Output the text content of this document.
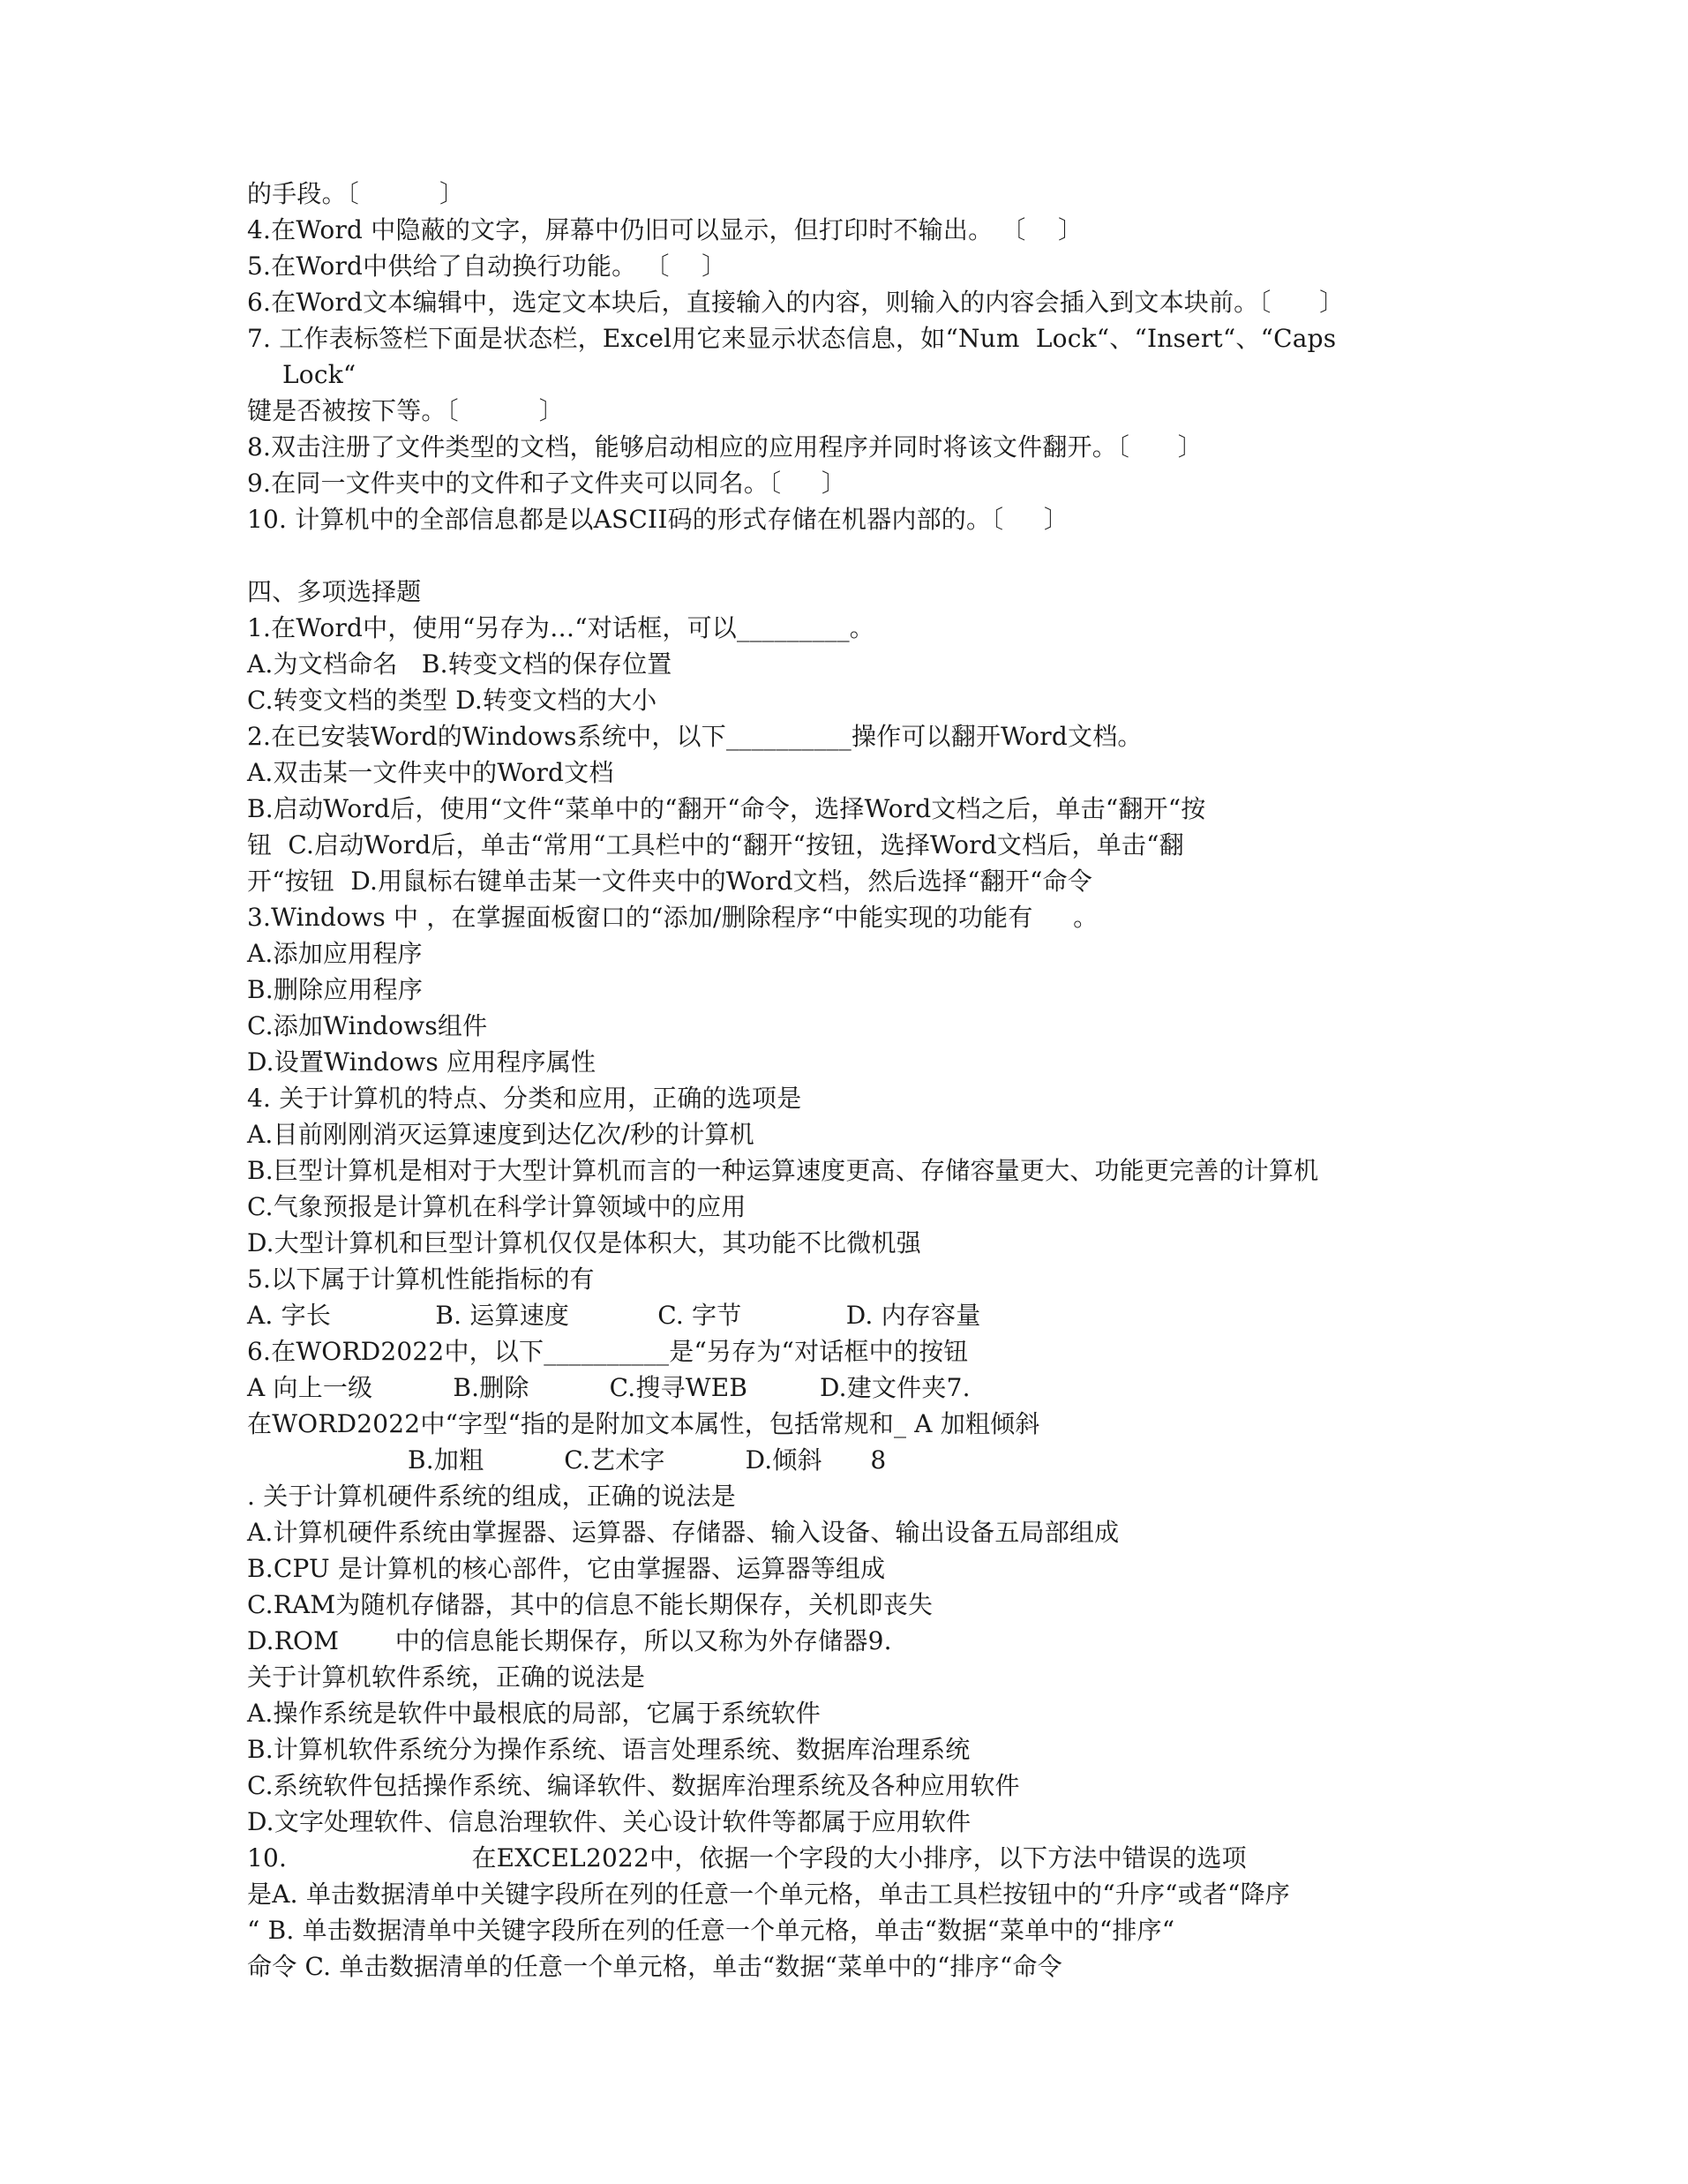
的手段。〔          〕
4.在Word 中隐蔽的文字，屏幕中仍旧可以显示，但打印时不输出。 〔    〕
5.在Word中供给了自动换行功能。 〔    〕
6.在Word文本编辑中，选定文本块后，直接输入的内容，则输入的内容会插入到文本块前。〔      〕
7. 工作表标签栏下面是状态栏，Excel用它来显示状态信息，如“Num  Lock“、“Insert“、“Caps
Lock“
键是否被按下等。〔          〕
8.双击注册了文件类型的文档，能够启动相应的应用程序并同时将该文件翻开。〔      〕
9.在同一文件夹中的文件和子文件夹可以同名。〔     〕
10. 计算机中的全部信息都是以ASCII码的形式存储在机器内部的。〔     〕
四、多项选择题
1.在Word中，使用“另存为…“对话框，可以_________。
A.为文档命名   B.转变文档的保存位置
C.转变文档的类型 D.转变文档的大小
2.在已安装Word的Windows系统中，以下__________操作可以翻开Word文档。
A.双击某一文件夹中的Word文档
B.启动Word后，使用“文件“菜单中的“翻开“命令，选择Word文档之后，单击“翻开“按
钮  C.启动Word后，单击“常用“工具栏中的“翻开“按钮，选择Word文档后，单击“翻
开“按钮  D.用鼠标右键单击某一文件夹中的Word文档，然后选择“翻开“命令
3.Windows 中 ，在掌握面板窗口的“添加/删除程序“中能实现的功能有     。
A.添加应用程序
B.删除应用程序
C.添加Windows组件
D.设置Windows 应用程序属性
4. 关于计算机的特点、分类和应用，正确的选项是
A.目前刚刚消灭运算速度到达亿次/秒的计算机
B.巨型计算机是相对于大型计算机而言的一种运算速度更高、存储容量更大、功能更完善的计算机
C.气象预报是计算机在科学计算领域中的应用
D.大型计算机和巨型计算机仅仅是体积大，其功能不比微机强
5.以下属于计算机性能指标的有
A. 字长             B. 运算速度           C. 字节             D. 内存容量
6.在WORD2022中，以下__________是“另存为“对话框中的按钮
A 向上一级          B.删除          C.搜寻WEB         D.建文件夹7.
在WORD2022中“字型“指的是附加文本属性，包括常规和_ A 加粗倾斜
B.加粗          C.艺术字          D.倾斜      8
. 关于计算机硬件系统的组成，正确的说法是
A.计算机硬件系统由掌握器、运算器、存储器、输入设备、输出设备五局部组成
B.CPU 是计算机的核心部件，它由掌握器、运算器等组成
C.RAM为随机存储器，其中的信息不能长期保存，关机即丧失
D.ROM       中的信息能长期保存，所以又称为外存储器9.
关于计算机软件系统，正确的说法是
A.操作系统是软件中最根底的局部，它属于系统软件
B.计算机软件系统分为操作系统、语言处理系统、数据库治理系统
C.系统软件包括操作系统、编译软件、数据库治理系统及各种应用软件
D.文字处理软件、信息治理软件、关心设计软件等都属于应用软件
10.                       在EXCEL2022中，依据一个字段的大小排序，以下方法中错误的选项
是A. 单击数据清单中关键字段所在列的任意一个单元格，单击工具栏按钮中的“升序“或者“降序
“ B. 单击数据清单中关键字段所在列的任意一个单元格，单击“数据“菜单中的“排序“
命令 C. 单击数据清单的任意一个单元格，单击“数据“菜单中的“排序“命令
